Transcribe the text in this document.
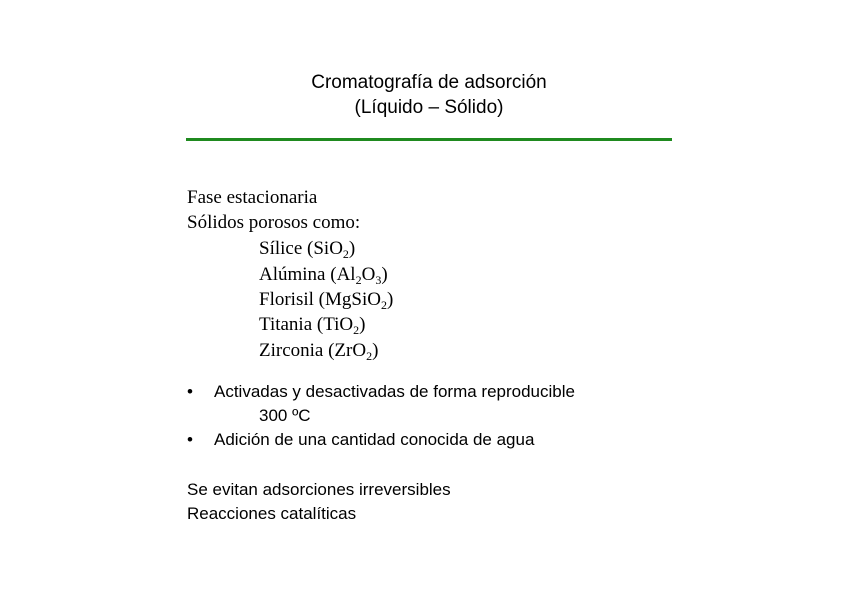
Cromatografía de adsorción
(Líquido – Sólido)
Fase estacionaria
Sólidos porosos como:
Sílice (SiO$_2$)
Alúmina $(Al_2O_3)$
Florisil (MgSiO$_2$)
Titania (TiO$_2$)
Zirconia (ZrO$_2$)
• Activadas y desactivadas de forma reproducible
300 ºC
• Adición de una cantidad conocida de agua
Se evitan adsorciones irreversibles
Reacciones catalíticas
